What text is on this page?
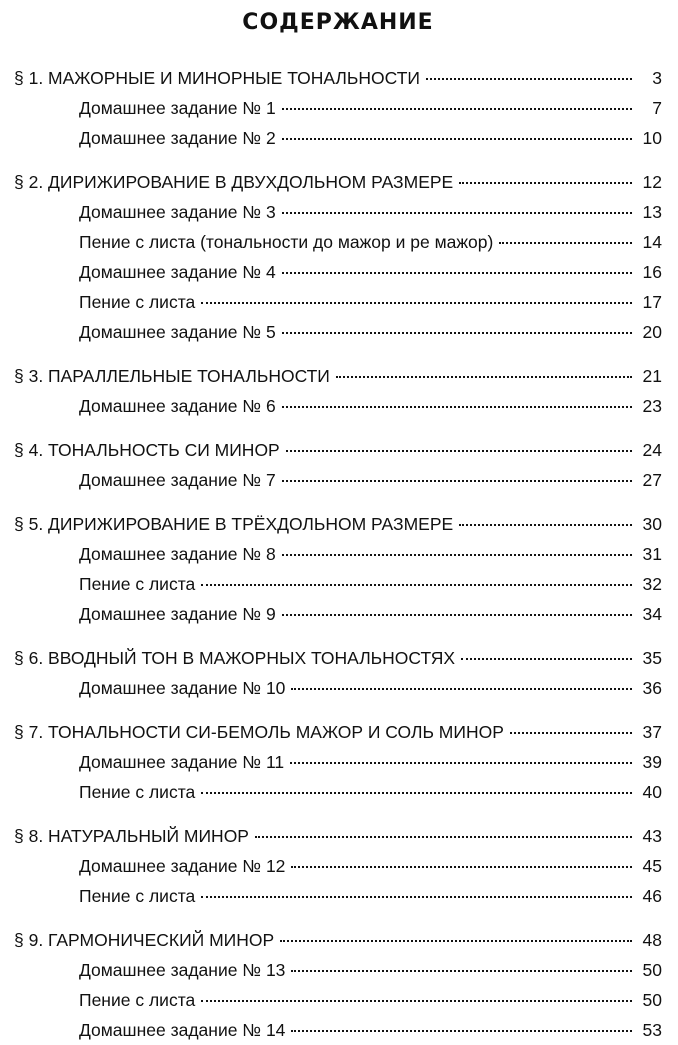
СОДЕРЖАНИЕ
§ 1. МАЖОРНЫЕ И МИНОРНЫЕ ТОНАЛЬНОСТИ	3
Домашнее задание № 1	7
Домашнее задание № 2	10
§ 2. ДИРИЖИРОВАНИЕ В ДВУХДОЛЬНОМ РАЗМЕРЕ	12
Домашнее задание № 3	13
Пение с листа (тональности до мажор и ре мажор)	14
Домашнее задание № 4	16
Пение с листа	17
Домашнее задание № 5	20
§ 3. ПАРАЛЛЕЛЬНЫЕ ТОНАЛЬНОСТИ	21
Домашнее задание № 6	23
§ 4. ТОНАЛЬНОСТЬ СИ МИНОР	24
Домашнее задание № 7	27
§ 5. ДИРИЖИРОВАНИЕ В ТРЁХДОЛЬНОМ РАЗМЕРЕ	30
Домашнее задание № 8	31
Пение с листа	32
Домашнее задание № 9	34
§ 6. ВВОДНЫЙ ТОН В МАЖОРНЫХ ТОНАЛЬНОСТЯХ	35
Домашнее задание № 10	36
§ 7. ТОНАЛЬНОСТИ СИ-БЕМОЛЬ МАЖОР И СОЛЬ МИНОР	37
Домашнее задание № 11	39
Пение с листа	40
§ 8. НАТУРАЛЬНЫЙ МИНОР	43
Домашнее задание № 12	45
Пение с листа	46
§ 9. ГАРМОНИЧЕСКИЙ МИНОР	48
Домашнее задание № 13	50
Пение с листа	50
Домашнее задание № 14	53
